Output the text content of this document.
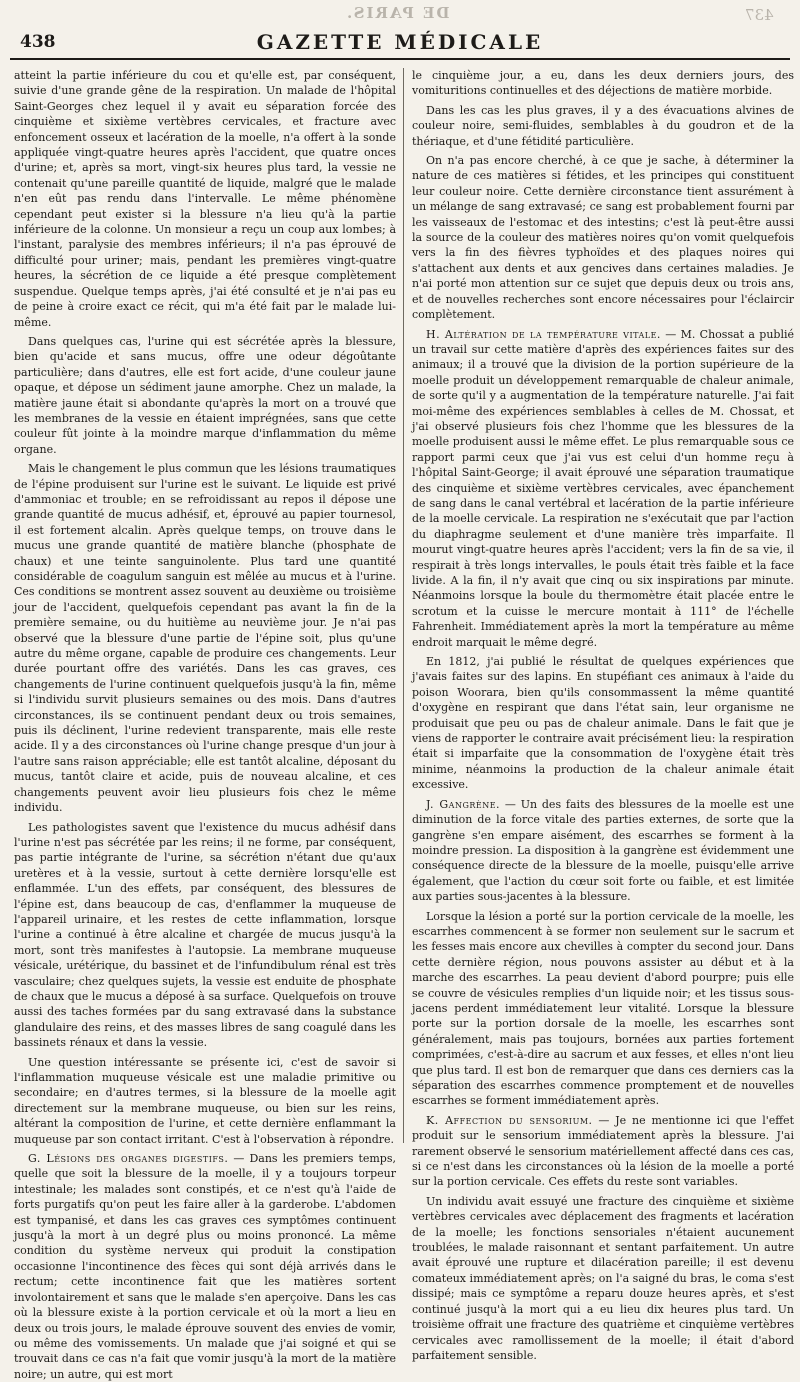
437
DE PARIS.
438	GAZETTE MÉDICALE

atteint la partie inférieure du cou et qu'elle est, par conséquent, suivie d'une grande gêne de la respiration. Un malade de l'hôpital Saint-Georges chez lequel il y avait eu séparation forcée des cinquième et sixième vertèbres cervicales, et fracture avec enfoncement osseux et lacération de la moelle, n'a offert à la sonde appliquée vingt-quatre heures après l'accident, que quatre onces d'urine; et, après sa mort, vingt-six heures plus tard, la vessie ne contenait qu'une pareille quantité de liquide, malgré que le malade n'en eût pas rendu dans l'intervalle. Le même phénomène cependant peut exister si la blessure n'a lieu qu'à la partie inférieure de la colonne. Un monsieur a reçu un coup aux lombes; à l'instant, paralysie des membres inférieurs; il n'a pas éprouvé de difficulté pour uriner; mais, pendant les premières vingt-quatre heures, la sécrétion de ce liquide a été presque complètement suspendue. Quelque temps après, j'ai été consulté et je n'ai pas eu de peine à croire exact ce récit, qui m'a été fait par le malade lui-même.

Dans quelques cas, l'urine qui est sécrétée après la blessure, bien qu'acide et sans mucus, offre une odeur dégoûtante particulière; dans d'autres, elle est fort acide, d'une couleur jaune opaque, et dépose un sédiment jaune amorphe. Chez un malade, la matière jaune était si abondante qu'après la mort on a trouvé que les membranes de la vessie en étaient imprégnées, sans que cette couleur fût jointe à la moindre marque d'inflammation du même organe.

Mais le changement le plus commun que les lésions traumatiques de l'épine produisent sur l'urine est le suivant. Le liquide est privé d'ammoniac et trouble; en se refroidissant au repos il dépose une grande quantité de mucus adhésif, et, éprouvé au papier tournesol, il est fortement alcalin. Après quelque temps, on trouve dans le mucus une grande quantité de matière blanche (phosphate de chaux) et une teinte sanguinolente. Plus tard une quantité considérable de coagulum sanguin est mêlée au mucus et à l'urine. Ces conditions se montrent assez souvent au deuxième ou troisième jour de l'accident, quelquefois cependant pas avant la fin de la première semaine, ou du huitième au neuvième jour. Je n'ai pas observé que la blessure d'une partie de l'épine soit, plus qu'une autre du même organe, capable de produire ces changements. Leur durée pourtant offre des variétés. Dans les cas graves, ces changements de l'urine continuent quelquefois jusqu'à la fin, même si l'individu survit plusieurs semaines ou des mois. Dans d'autres circonstances, ils se continuent pendant deux ou trois semaines, puis ils déclinent, l'urine redevient transparente, mais elle reste acide. Il y a des circonstances où l'urine change presque d'un jour à l'autre sans raison appréciable; elle est tantôt alcaline, déposant du mucus, tantôt claire et acide, puis de nouveau alcaline, et ces changements peuvent avoir lieu plusieurs fois chez le même individu.

Les pathologistes savent que l'existence du mucus adhésif dans l'urine n'est pas sécrétée par les reins; il ne forme, par conséquent, pas partie intégrante de l'urine, sa sécrétion n'étant due qu'aux uretères et à la vessie, surtout à cette dernière lorsqu'elle est enflammée. L'un des effets, par conséquent, des blessures de l'épine est, dans beaucoup de cas, d'enflammer la muqueuse de l'appareil urinaire, et les restes de cette inflammation, lorsque l'urine a continué à être alcaline et chargée de mucus jusqu'à la mort, sont très manifestes à l'autopsie. La membrane muqueuse vésicale, urétérique, du bassinet et de l'infundibulum rénal est très vasculaire; chez quelques sujets, la vessie est enduite de phosphate de chaux que le mucus a déposé à sa surface. Quelquefois on trouve aussi des taches formées par du sang extravasé dans la substance glandulaire des reins, et des masses libres de sang coagulé dans les bassinets rénaux et dans la vessie.

Une question intéressante se présente ici, c'est de savoir si l'inflammation muqueuse vésicale est une maladie primitive ou secondaire; en d'autres termes, si la blessure de la moelle agit directement sur la membrane muqueuse, ou bien sur les reins, altérant la composition de l'urine, et cette dernière enflammant la muqueuse par son contact irritant. C'est à l'observation à répondre.

G. Lésions des organes digestifs. — Dans les premiers temps, quelle que soit la blessure de la moelle, il y a toujours torpeur intestinale; les malades sont constipés, et ce n'est qu'à l'aide de forts purgatifs qu'on peut les faire aller à la garderobe. L'abdomen est tympanisé, et dans les cas graves ces symptômes continuent jusqu'à la mort à un degré plus ou moins prononcé. La même condition du système nerveux qui produit la constipation occasionne l'incontinence des fèces qui sont déjà arrivés dans le rectum; cette incontinence fait que les matières sortent involontairement et sans que le malade s'en aperçoive. Dans les cas où la blessure existe à la portion cervicale et où la mort a lieu en deux ou trois jours, le malade éprouve souvent des envies de vomir, ou même des vomissements. Un malade que j'ai soigné et qui se trouvait dans ce cas n'a fait que vomir jusqu'à la mort de la matière noire; un autre, qui est mort

le cinquième jour, a eu, dans les deux derniers jours, des vomituritions continuelles et des déjections de matière morbide.

Dans les cas les plus graves, il y a des évacuations alvines de couleur noire, semi-fluides, semblables à du goudron et de la thériaque, et d'une fétidité particulière.

On n'a pas encore cherché, à ce que je sache, à déterminer la nature de ces matières si fétides, et les principes qui constituent leur couleur noire. Cette dernière circonstance tient assurément à un mélange de sang extravasé; ce sang est probablement fourni par les vaisseaux de l'estomac et des intestins; c'est là peut-être aussi la source de la couleur des matières noires qu'on vomit quelquefois vers la fin des fièvres typhoïdes et des plaques noires qui s'attachent aux dents et aux gencives dans certaines maladies. Je n'ai porté mon attention sur ce sujet que depuis deux ou trois ans, et de nouvelles recherches sont encore nécessaires pour l'éclaircir complètement.

H. Altération de la température vitale. — M. Chossat a publié un travail sur cette matière d'après des expériences faites sur des animaux; il a trouvé que la division de la portion supérieure de la moelle produit un développement remarquable de chaleur animale, de sorte qu'il y a augmentation de la température naturelle. J'ai fait moi-même des expériences semblables à celles de M. Chossat, et j'ai observé plusieurs fois chez l'homme que les blessures de la moelle produisent aussi le même effet. Le plus remarquable sous ce rapport parmi ceux que j'ai vus est celui d'un homme reçu à l'hôpital Saint-George; il avait éprouvé une séparation traumatique des cinquième et sixième vertèbres cervicales, avec épanchement de sang dans le canal vertébral et lacération de la partie inférieure de la moelle cervicale. La respiration ne s'exécutait que par l'action du diaphragme seulement et d'une manière très imparfaite. Il mourut vingt-quatre heures après l'accident; vers la fin de sa vie, il respirait à très longs intervalles, le pouls était très faible et la face livide. A la fin, il n'y avait que cinq ou six inspirations par minute. Néanmoins lorsque la boule du thermomètre était placée entre le scrotum et la cuisse le mercure montait à 111° de l'échelle Fahrenheit. Immédiatement après la mort la température au même endroit marquait le même degré.

En 1812, j'ai publié le résultat de quelques expériences que j'avais faites sur des lapins. En stupéfiant ces animaux à l'aide du poison Woorara, bien qu'ils consommassent la même quantité d'oxygène en respirant que dans l'état sain, leur organisme ne produisait que peu ou pas de chaleur animale. Dans le fait que je viens de rapporter le contraire avait précisément lieu: la respiration était si imparfaite que la consommation de l'oxygène était très minime, néanmoins la production de la chaleur animale était excessive.

J. Gangrène. — Un des faits des blessures de la moelle est une diminution de la force vitale des parties externes, de sorte que la gangrène s'en empare aisément, des escarrhes se forment à la moindre pression. La disposition à la gangrène est évidemment une conséquence directe de la blessure de la moelle, puisqu'elle arrive également, que l'action du cœur soit forte ou faible, et est limitée aux parties sous-jacentes à la blessure.

Lorsque la lésion a porté sur la portion cervicale de la moelle, les escarrhes commencent à se former non seulement sur le sacrum et les fesses mais encore aux chevilles à compter du second jour. Dans cette dernière région, nous pouvons assister au début et à la marche des escarrhes. La peau devient d'abord pourpre; puis elle se couvre de vésicules remplies d'un liquide noir; et les tissus sous-jacens perdent immédiatement leur vitalité. Lorsque la blessure porte sur la portion dorsale de la moelle, les escarrhes sont généralement, mais pas toujours, bornées aux parties fortement comprimées, c'est-à-dire au sacrum et aux fesses, et elles n'ont lieu que plus tard. Il est bon de remarquer que dans ces derniers cas la séparation des escarrhes commence promptement et de nouvelles escarrhes se forment immédiatement après.

K. Affection du sensorium. — Je ne mentionne ici que l'effet produit sur le sensorium immédiatement après la blessure. J'ai rarement observé le sensorium matériellement affecté dans ces cas, si ce n'est dans les circonstances où la lésion de la moelle a porté sur la portion cervicale. Ces effets du reste sont variables.

Un individu avait essuyé une fracture des cinquième et sixième vertèbres cervicales avec déplacement des fragments et lacération de la moelle; les fonctions sensoriales n'étaient aucunement troublées, le malade raisonnant et sentant parfaitement. Un autre avait éprouvé une rupture et dilacération pareille; il est devenu comateux immédiatement après; on l'a saigné du bras, le coma s'est dissipé; mais ce symptôme a reparu douze heures après, et s'est continué jusqu'à la mort qui a eu lieu dix heures plus tard. Un troisième offrait une fracture des quatrième et cinquième vertèbres cervicales avec ramollissement de la moelle; il était d'abord parfaitement sensible.
